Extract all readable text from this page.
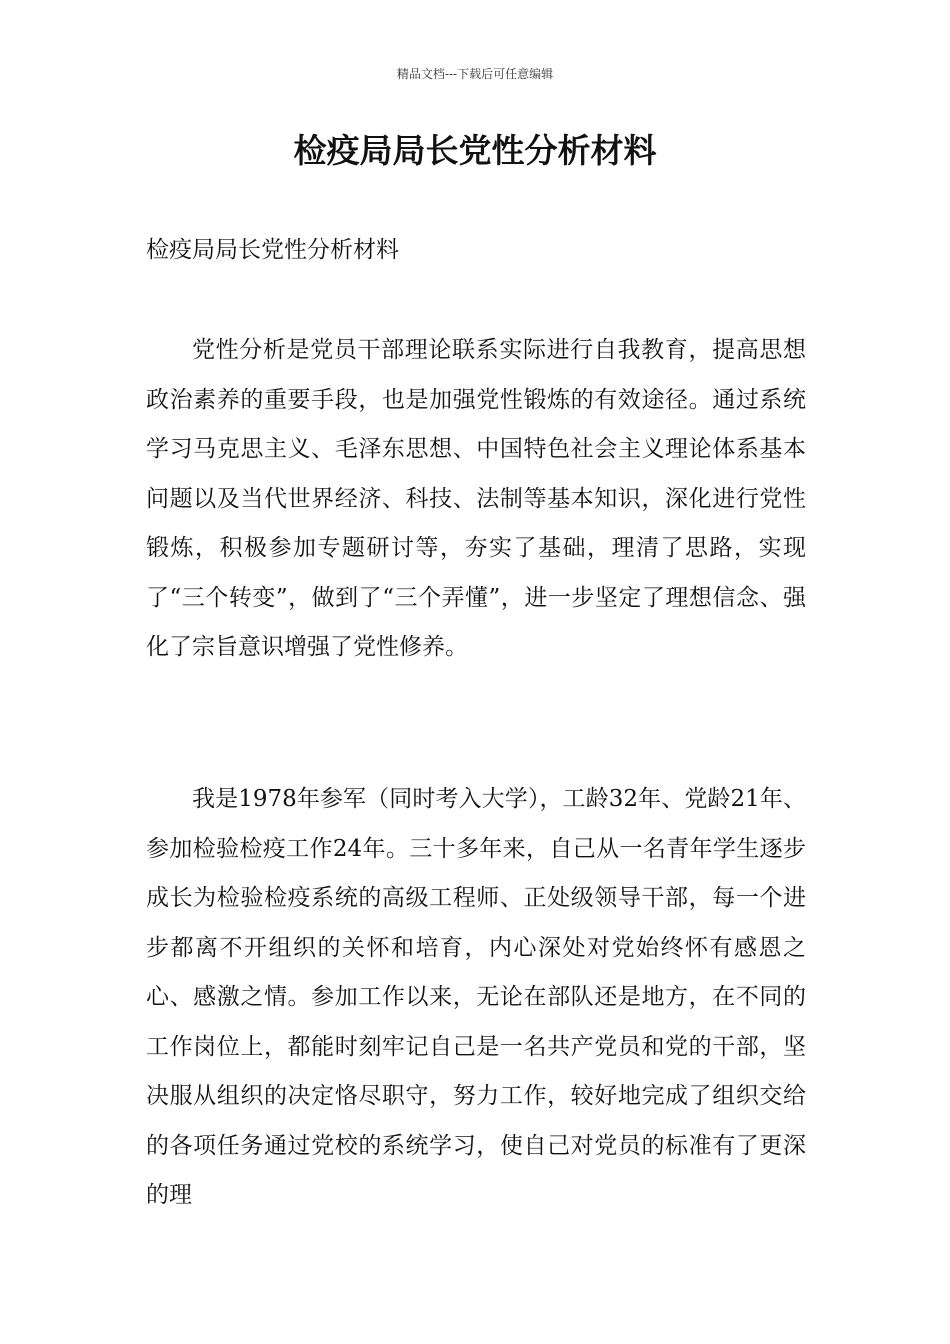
精品文档---下载后可任意编辑
检疫局局长党性分析材料

检疫局局长党性分析材料

党性分析是党员干部理论联系实际进行自我教育，提高思想政治素养的重要手段，也是加强党性锻炼的有效途径。通过系统学习马克思主义、毛泽东思想、中国特色社会主义理论体系基本问题以及当代世界经济、科技、法制等基本知识，深化进行党性锻炼，积极参加专题研讨等，夯实了基础，理清了思路，实现了“三个转变”，做到了“三个弄懂”，进一步坚定了理想信念、强化了宗旨意识增强了党性修养。

我是1978年参军（同时考入大学），工龄32年、党龄21年、参加检验检疫工作24年。三十多年来，自己从一名青年学生逐步成长为检验检疫系统的高级工程师、正处级领导干部，每一个进步都离不开组织的关怀和培育，内心深处对党始终怀有感恩之心、感激之情。参加工作以来，无论在部队还是地方，在不同的工作岗位上，都能时刻牢记自己是一名共产党员和党的干部，坚决服从组织的决定恪尽职守，努力工作，较好地完成了组织交给的各项任务通过党校的系统学习，使自己对党员的标准有了更深的理
